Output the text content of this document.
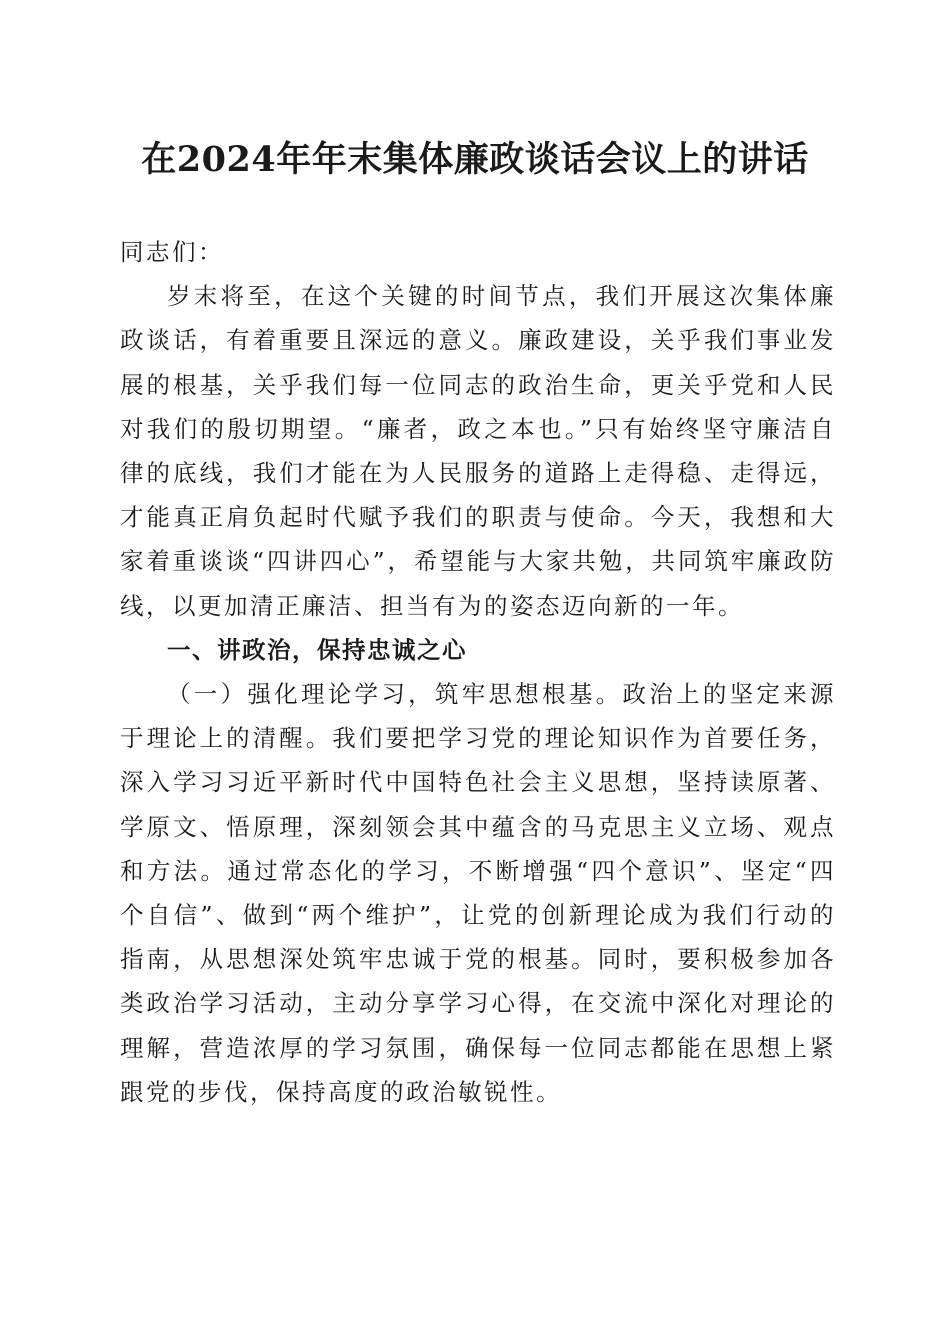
在2024年年末集体廉政谈话会议上的讲话

同志们：

岁末将至，在这个关键的时间节点，我们开展这次集体廉政谈话，有着重要且深远的意义。廉政建设，关乎我们事业发展的根基，关乎我们每一位同志的政治生命，更关乎党和人民对我们的殷切期望。“廉者，政之本也。”只有始终坚守廉洁自律的底线，我们才能在为人民服务的道路上走得稳、走得远，才能真正肩负起时代赋予我们的职责与使命。今天，我想和大家着重谈谈“四讲四心”，希望能与大家共勉，共同筑牢廉政防线，以更加清正廉洁、担当有为的姿态迈向新的一年。

一、讲政治，保持忠诚之心

（一）强化理论学习，筑牢思想根基。政治上的坚定来源于理论上的清醒。我们要把学习党的理论知识作为首要任务，深入学习习近平新时代中国特色社会主义思想，坚持读原著、学原文、悟原理，深刻领会其中蕴含的马克思主义立场、观点和方法。通过常态化的学习，不断增强“四个意识”、坚定“四个自信”、做到“两个维护”，让党的创新理论成为我们行动的指南，从思想深处筑牢忠诚于党的根基。同时，要积极参加各类政治学习活动，主动分享学习心得，在交流中深化对理论的理解，营造浓厚的学习氛围，确保每一位同志都能在思想上紧跟党的步伐，保持高度的政治敏锐性。
